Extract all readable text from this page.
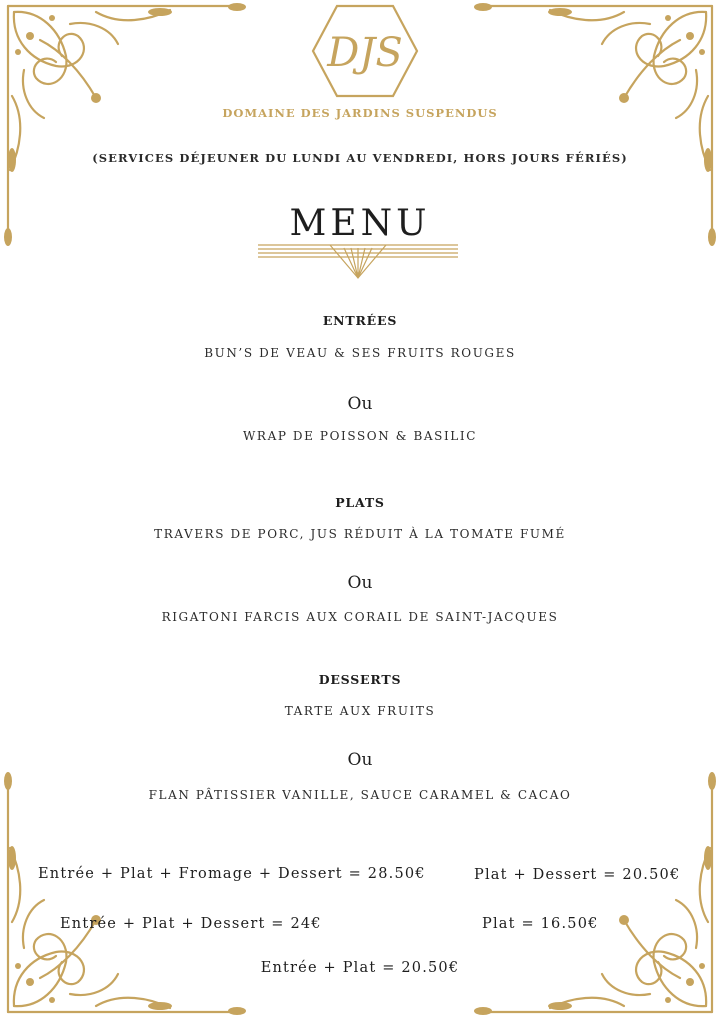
DJS
DOMAINE DES JARDINS SUSPENDUS
(SERVICES DÉJEUNER DU LUNDI AU VENDREDI, HORS JOURS FÉRIÉS)
MENU
ENTRÉES
BUN’S DE VEAU & SES FRUITS ROUGES
Ou
WRAP DE POISSON & BASILIC
PLATS
TRAVERS DE PORC, JUS RÉDUIT À LA TOMATE FUMÉ
Ou
RIGATONI FARCIS AUX CORAIL DE SAINT-JACQUES
DESSERTS
TARTE AUX FRUITS
Ou
FLAN PÂTISSIER VANILLE, SAUCE CARAMEL & CACAO
Entrée + Plat + Fromage + Dessert = 28.50€	Plat + Dessert = 20.50€
Entrée + Plat + Dessert = 24€	Plat = 16.50€
Entrée + Plat = 20.50€
